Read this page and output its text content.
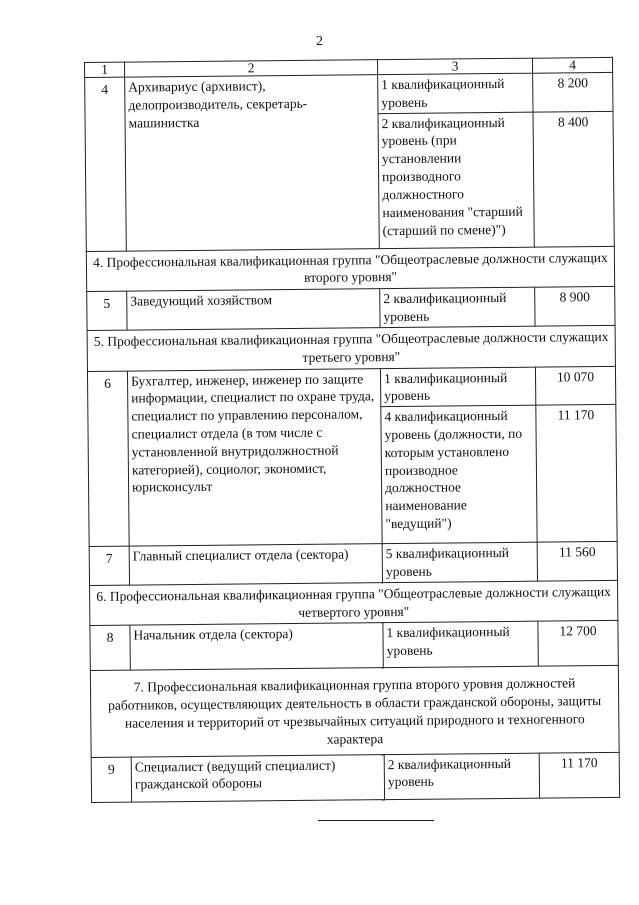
2
1	2	3	4
4	Архивариус (архивист), делопроизводитель, секретарь-машинистка	1 квалификационный уровень	8 200
		2 квалификационный уровень (при установлении производного должностного наименования "старший (старший по смене)")	8 400
4. Профессиональная квалификационная группа "Общеотраслевые должности служащих второго уровня"			
5	Заведующий хозяйством	2 квалификационный уровень	8 900
5. Профессиональная квалификационная группа "Общеотраслевые должности служащих третьего уровня"			
6	Бухгалтер, инженер, инженер по защите информации, специалист по охране труда, специалист по управлению персоналом, специалист отдела (в том числе с установленной внутридолжностной категорией), социолог, экономист, юрисконсульт	1 квалификационный уровень	10 070
		4 квалификационный уровень (должности, по которым установлено производное должностное наименование "ведущий")	11 170
7	Главный специалист отдела (сектора)	5 квалификационный уровень	11 560
6. Профессиональная квалификационная группа "Общеотраслевые должности служащих четвертого уровня"			
8	Начальник отдела (сектора)	1 квалификационный уровень	12 700
7. Профессиональная квалификационная группа второго уровня должностей работников, осуществляющих деятельность в области гражданской обороны, защиты населения и территорий от чрезвычайных ситуаций природного и техногенного характера			
9	Специалист (ведущий специалист) гражданской обороны	2 квалификационный уровень	11 170
